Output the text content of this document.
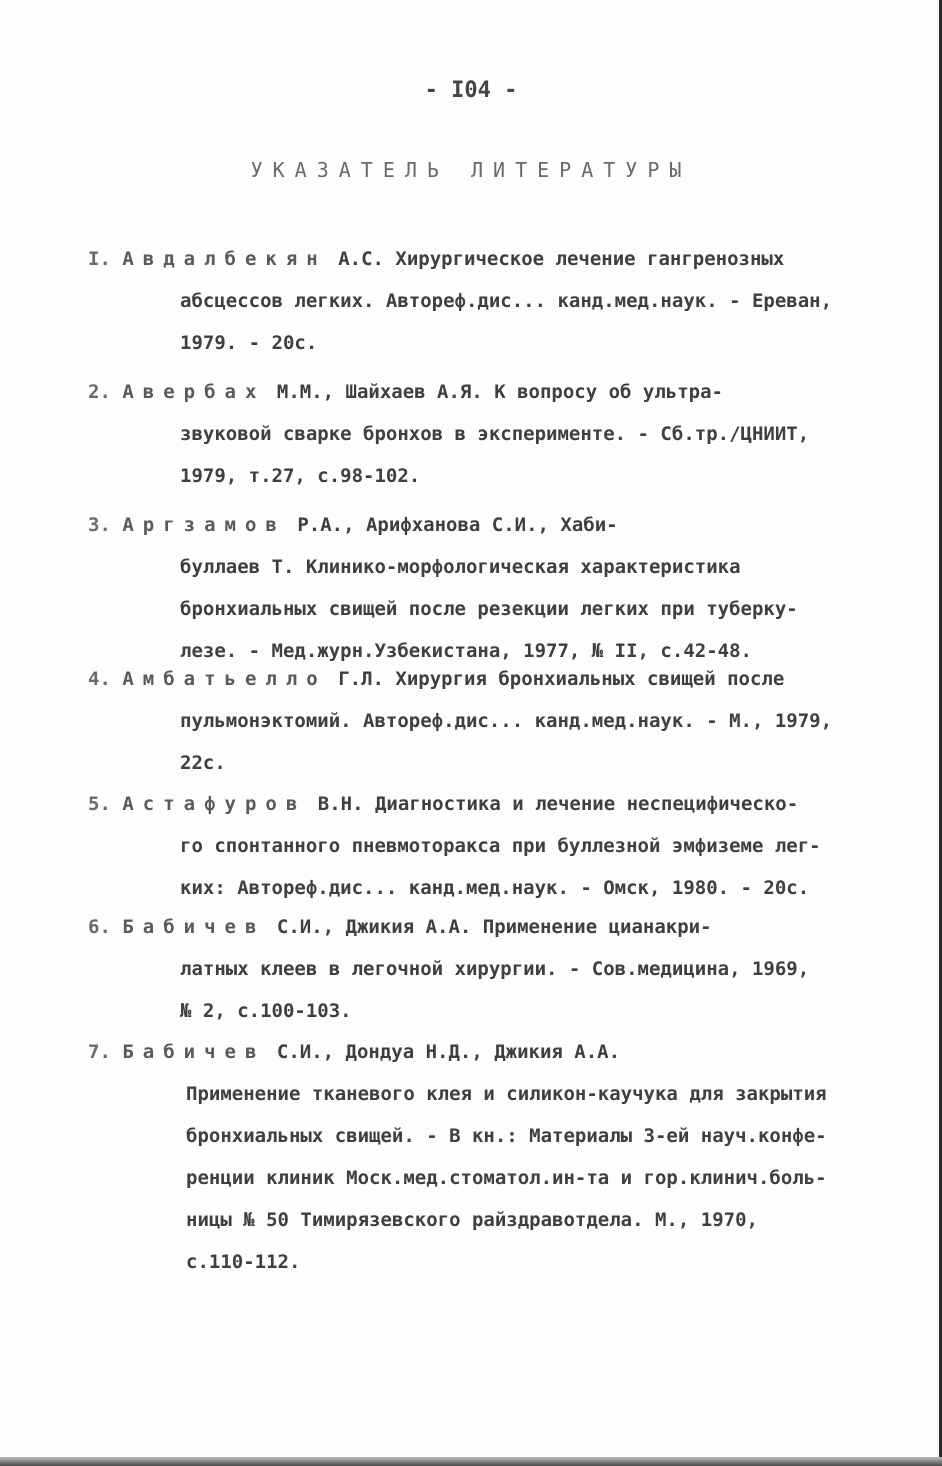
- I04 -
УКАЗАТЕЛЬ ЛИТЕРАТУРЫ
I. Авдалбекян А.С. Хирургическое лечение гангренозных
абсцессов легких. Автореф.дис... канд.мед.наук. - Ереван,
1979. - 20с.
2. Авербах М.М., Шайхаев А.Я. К вопросу об ультра-
звуковой сварке бронхов в эксперименте. - Сб.тр./ЦНИИТ,
1979, т.27, с.98-102.
3. Аргзамов Р.А., Арифханова С.И., Хаби-
буллаев Т. Клинико-морфологическая характеристика
бронхиальных свищей после резекции легких при туберку-
лезе. - Мед.журн.Узбекистана, 1977, № II, с.42-48.
4. Амбатьелло Г.Л. Хирургия бронхиальных свищей после
пульмонэктомий. Автореф.дис... канд.мед.наук. - М., 1979,
22с.
5. Астафуров В.Н. Диагностика и лечение неспецифическо-
го спонтанного пневмоторакса при буллезной эмфиземе лег-
ких: Автореф.дис... канд.мед.наук. - Омск, 1980. - 20с.
6. Бабичев С.И., Джикия А.А. Применение цианакри-
латных клеев в легочной хирургии. - Сов.медицина, 1969,
№ 2, с.100-103.
7. Бабичев С.И., Дондуа Н.Д., Джикия А.А.
Применение тканевого клея и силикон-каучука для закрытия
бронхиальных свищей. - В кн.: Материалы 3-ей науч.конфе-
ренции клиник Моск.мед.стоматол.ин-та и гор.клинич.боль-
ницы № 50 Тимирязевского райздравотдела. М., 1970,
с.110-112.
